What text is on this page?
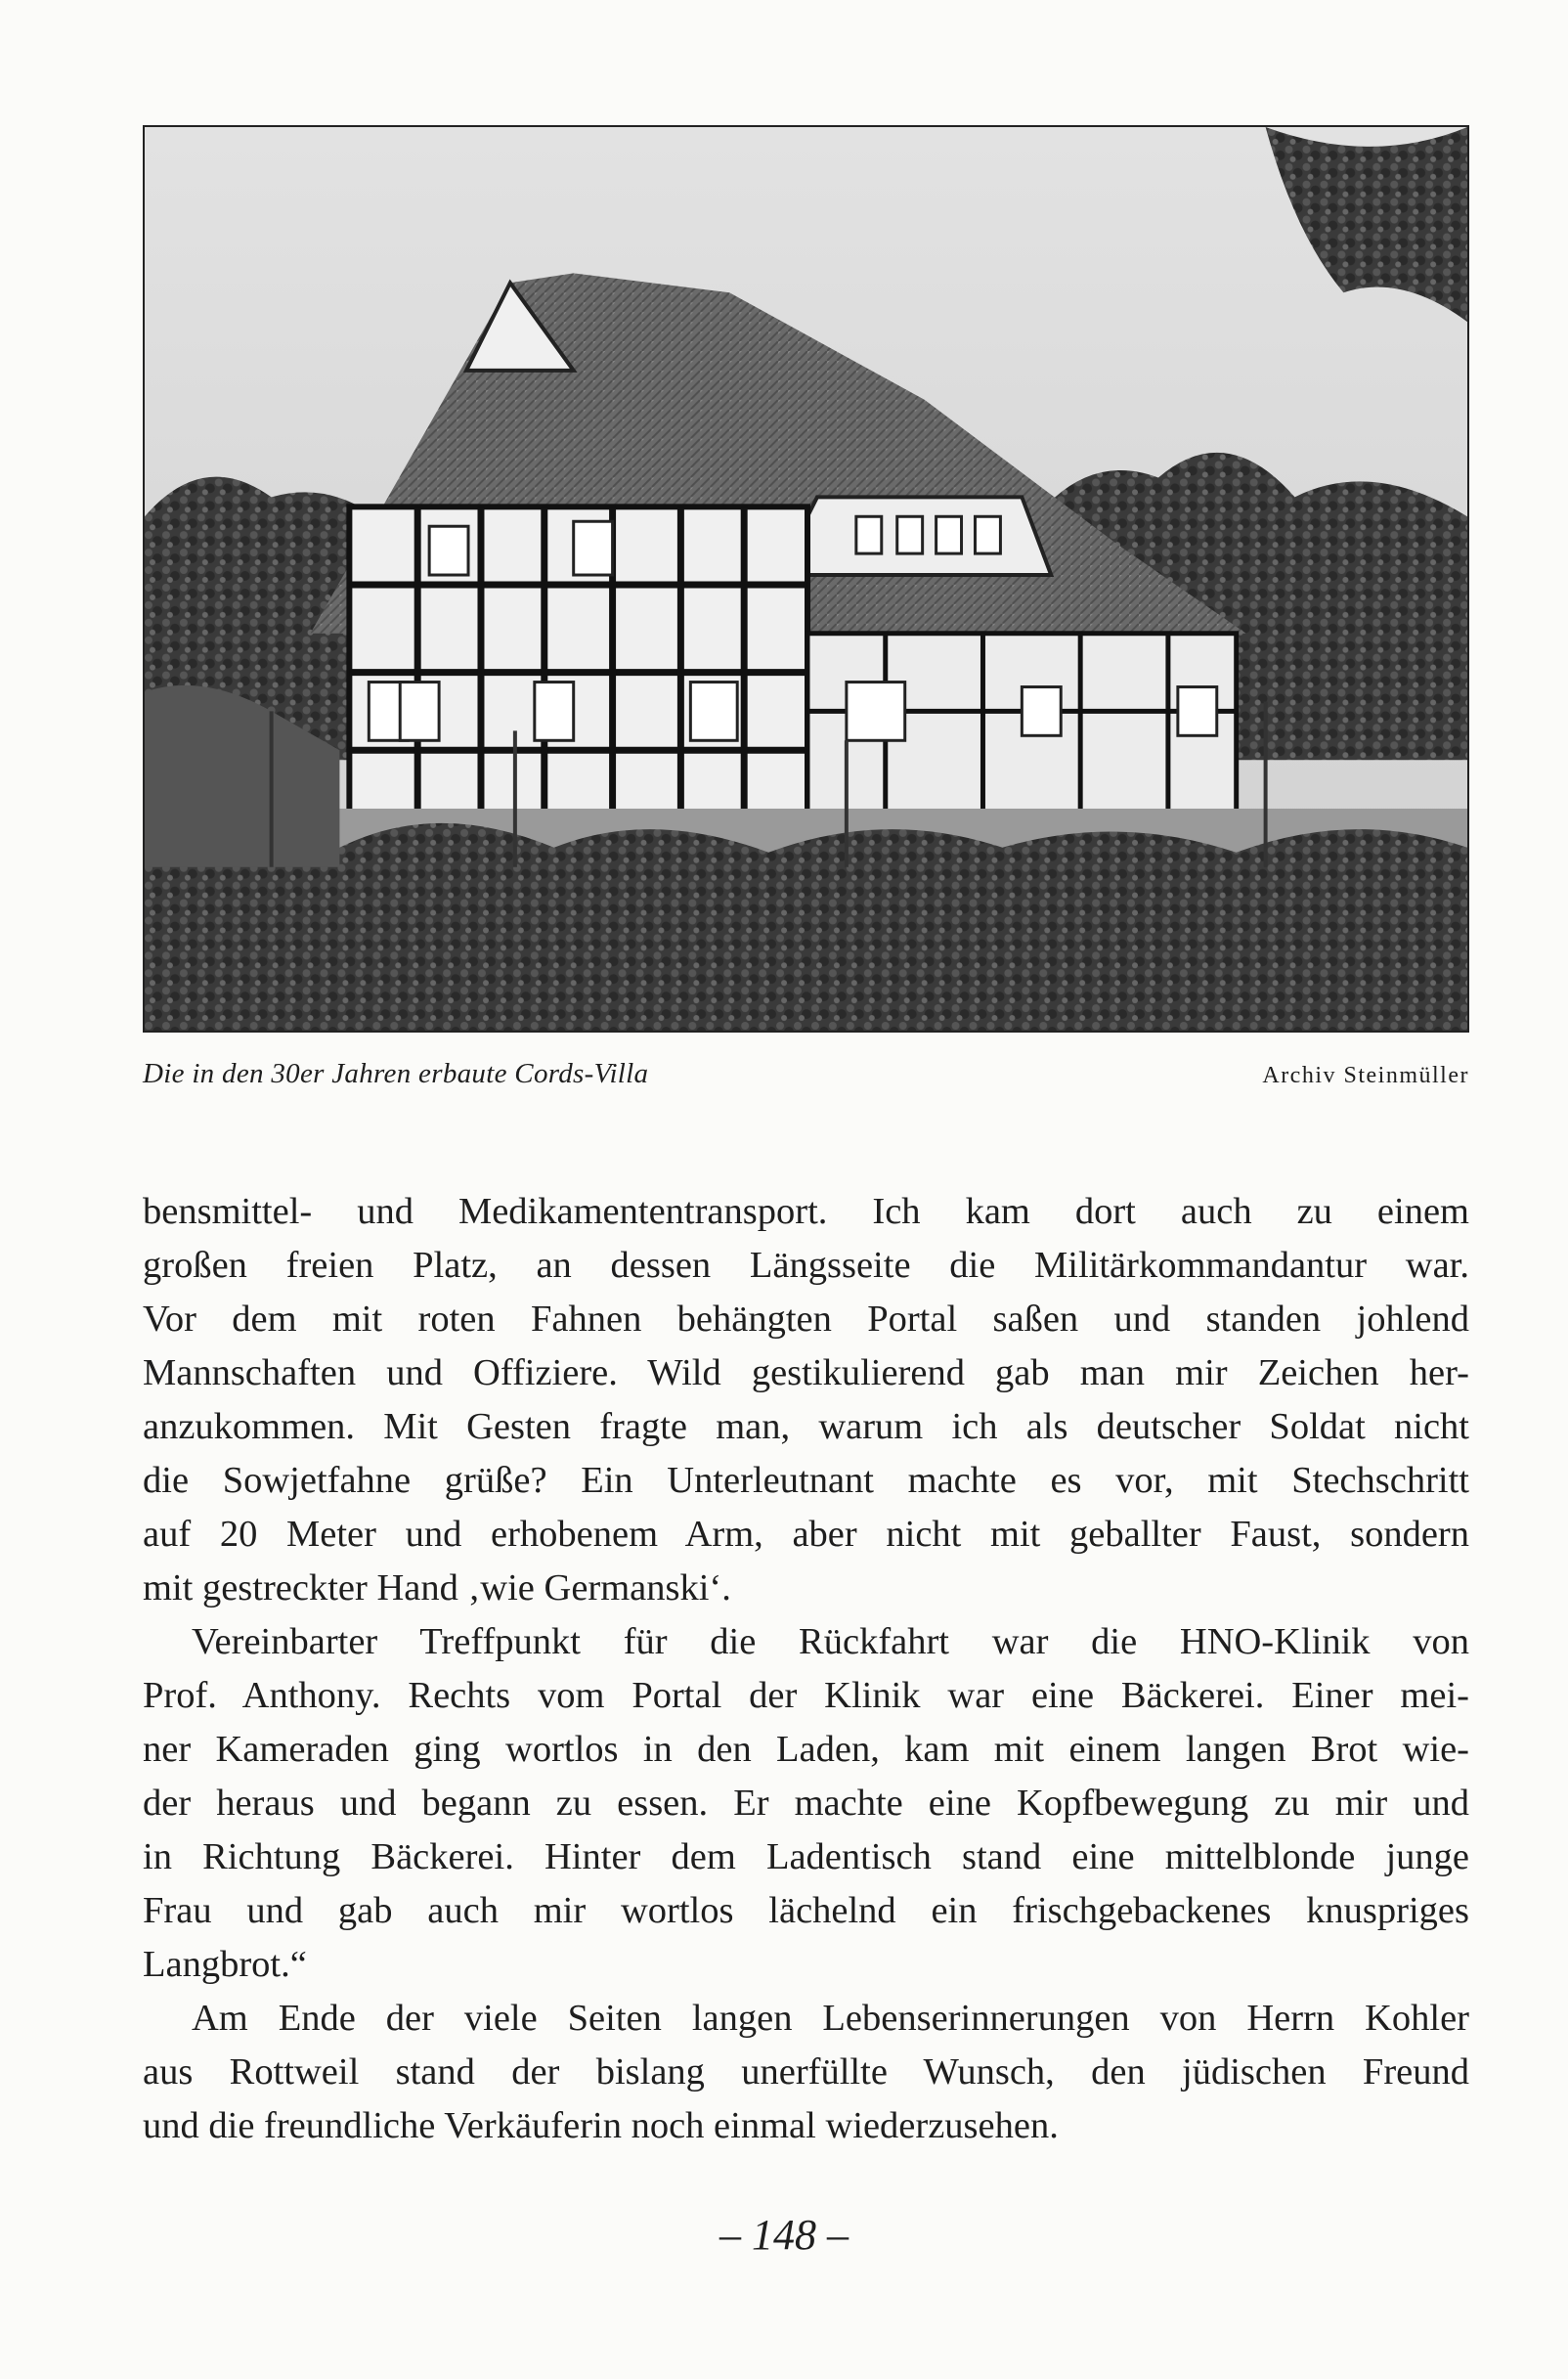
Die in den 30er Jahren erbaute Cords-Villa	Archiv Steinmüller

bensmittel- und Medikamententransport. Ich kam dort auch zu einem
großen freien Platz, an dessen Längsseite die Militärkommandantur war.
Vor dem mit roten Fahnen behängten Portal saßen und standen johlend
Mannschaften und Offiziere. Wild gestikulierend gab man mir Zeichen her-
anzukommen. Mit Gesten fragte man, warum ich als deutscher Soldat nicht
die Sowjetfahne grüße? Ein Unterleutnant machte es vor, mit Stechschritt
auf 20 Meter und erhobenem Arm, aber nicht mit geballter Faust, sondern
mit gestreckter Hand ‚wie Germanski‘.

Vereinbarter Treffpunkt für die Rückfahrt war die HNO-Klinik von
Prof. Anthony. Rechts vom Portal der Klinik war eine Bäckerei. Einer mei-
ner Kameraden ging wortlos in den Laden, kam mit einem langen Brot wie-
der heraus und begann zu essen. Er machte eine Kopfbewegung zu mir und
in Richtung Bäckerei. Hinter dem Ladentisch stand eine mittelblonde junge
Frau und gab auch mir wortlos lächelnd ein frischgebackenes knuspriges
Langbrot.“

Am Ende der viele Seiten langen Lebenserinnerungen von Herrn Kohler
aus Rottweil stand der bislang unerfüllte Wunsch, den jüdischen Freund
und die freundliche Verkäuferin noch einmal wiederzusehen.

– 148 –
